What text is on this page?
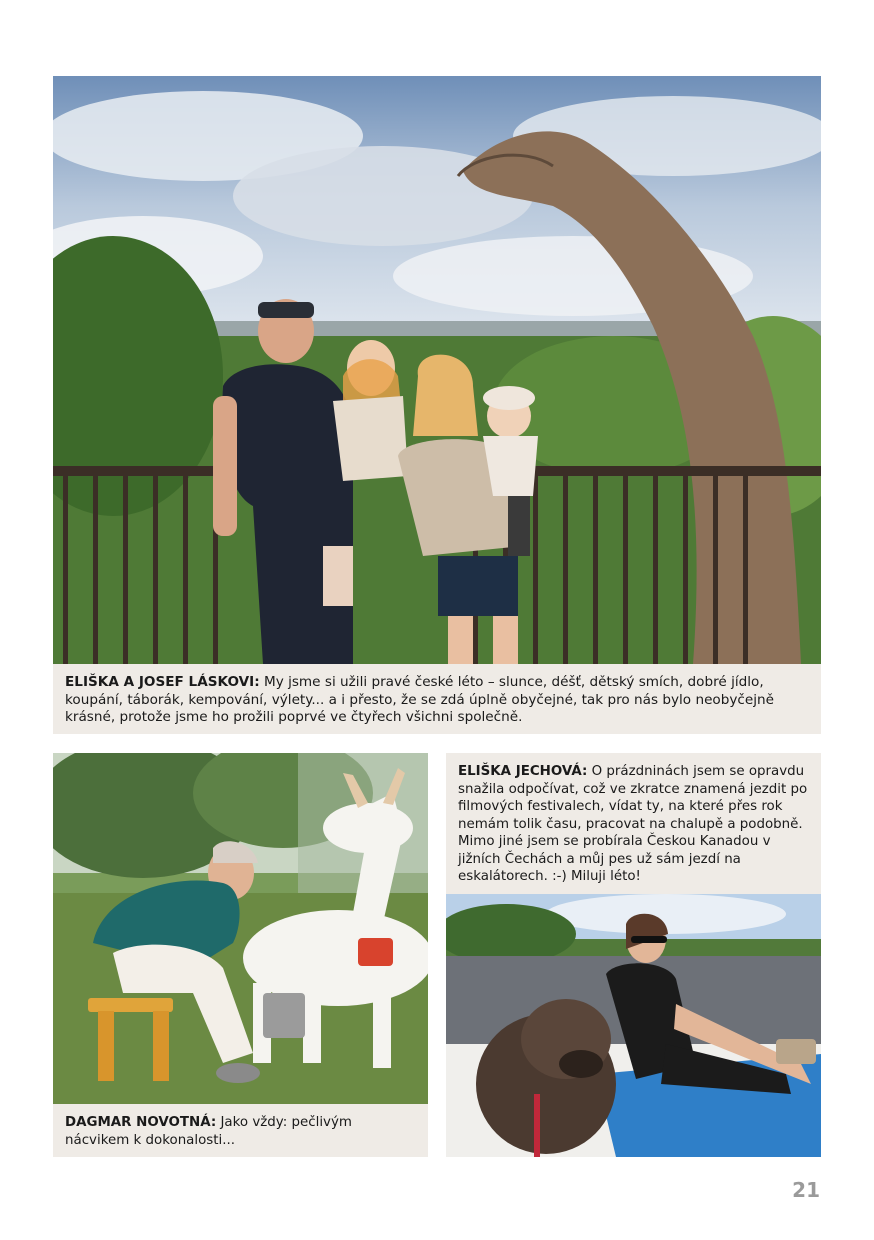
ELIŠKA A JOSEF LÁSKOVI: My jsme si užili pravé české léto – slunce, déšť, dětský smích, dobré jídlo, koupání, táborák, kempování, výlety... a i přesto, že se zdá úplně obyčejné, tak pro nás bylo neobyčejně krásné, protože jsme ho prožili poprvé ve čtyřech všichni společně.
DAGMAR NOVOTNÁ: Jako vždy: pečlivým nácvikem k dokonalosti...
ELIŠKA JECHOVÁ: O prázdninách jsem se opravdu snažila odpočívat, což ve zkratce znamená jezdit po filmových festivalech, vídat ty, na které přes rok nemám tolik času, pracovat na chalupě a podobně. Mimo jiné jsem se probírala Českou Kanadou v jižních Čechách a můj pes už sám jezdí na eskalátorech. :-) Miluji léto!
21
